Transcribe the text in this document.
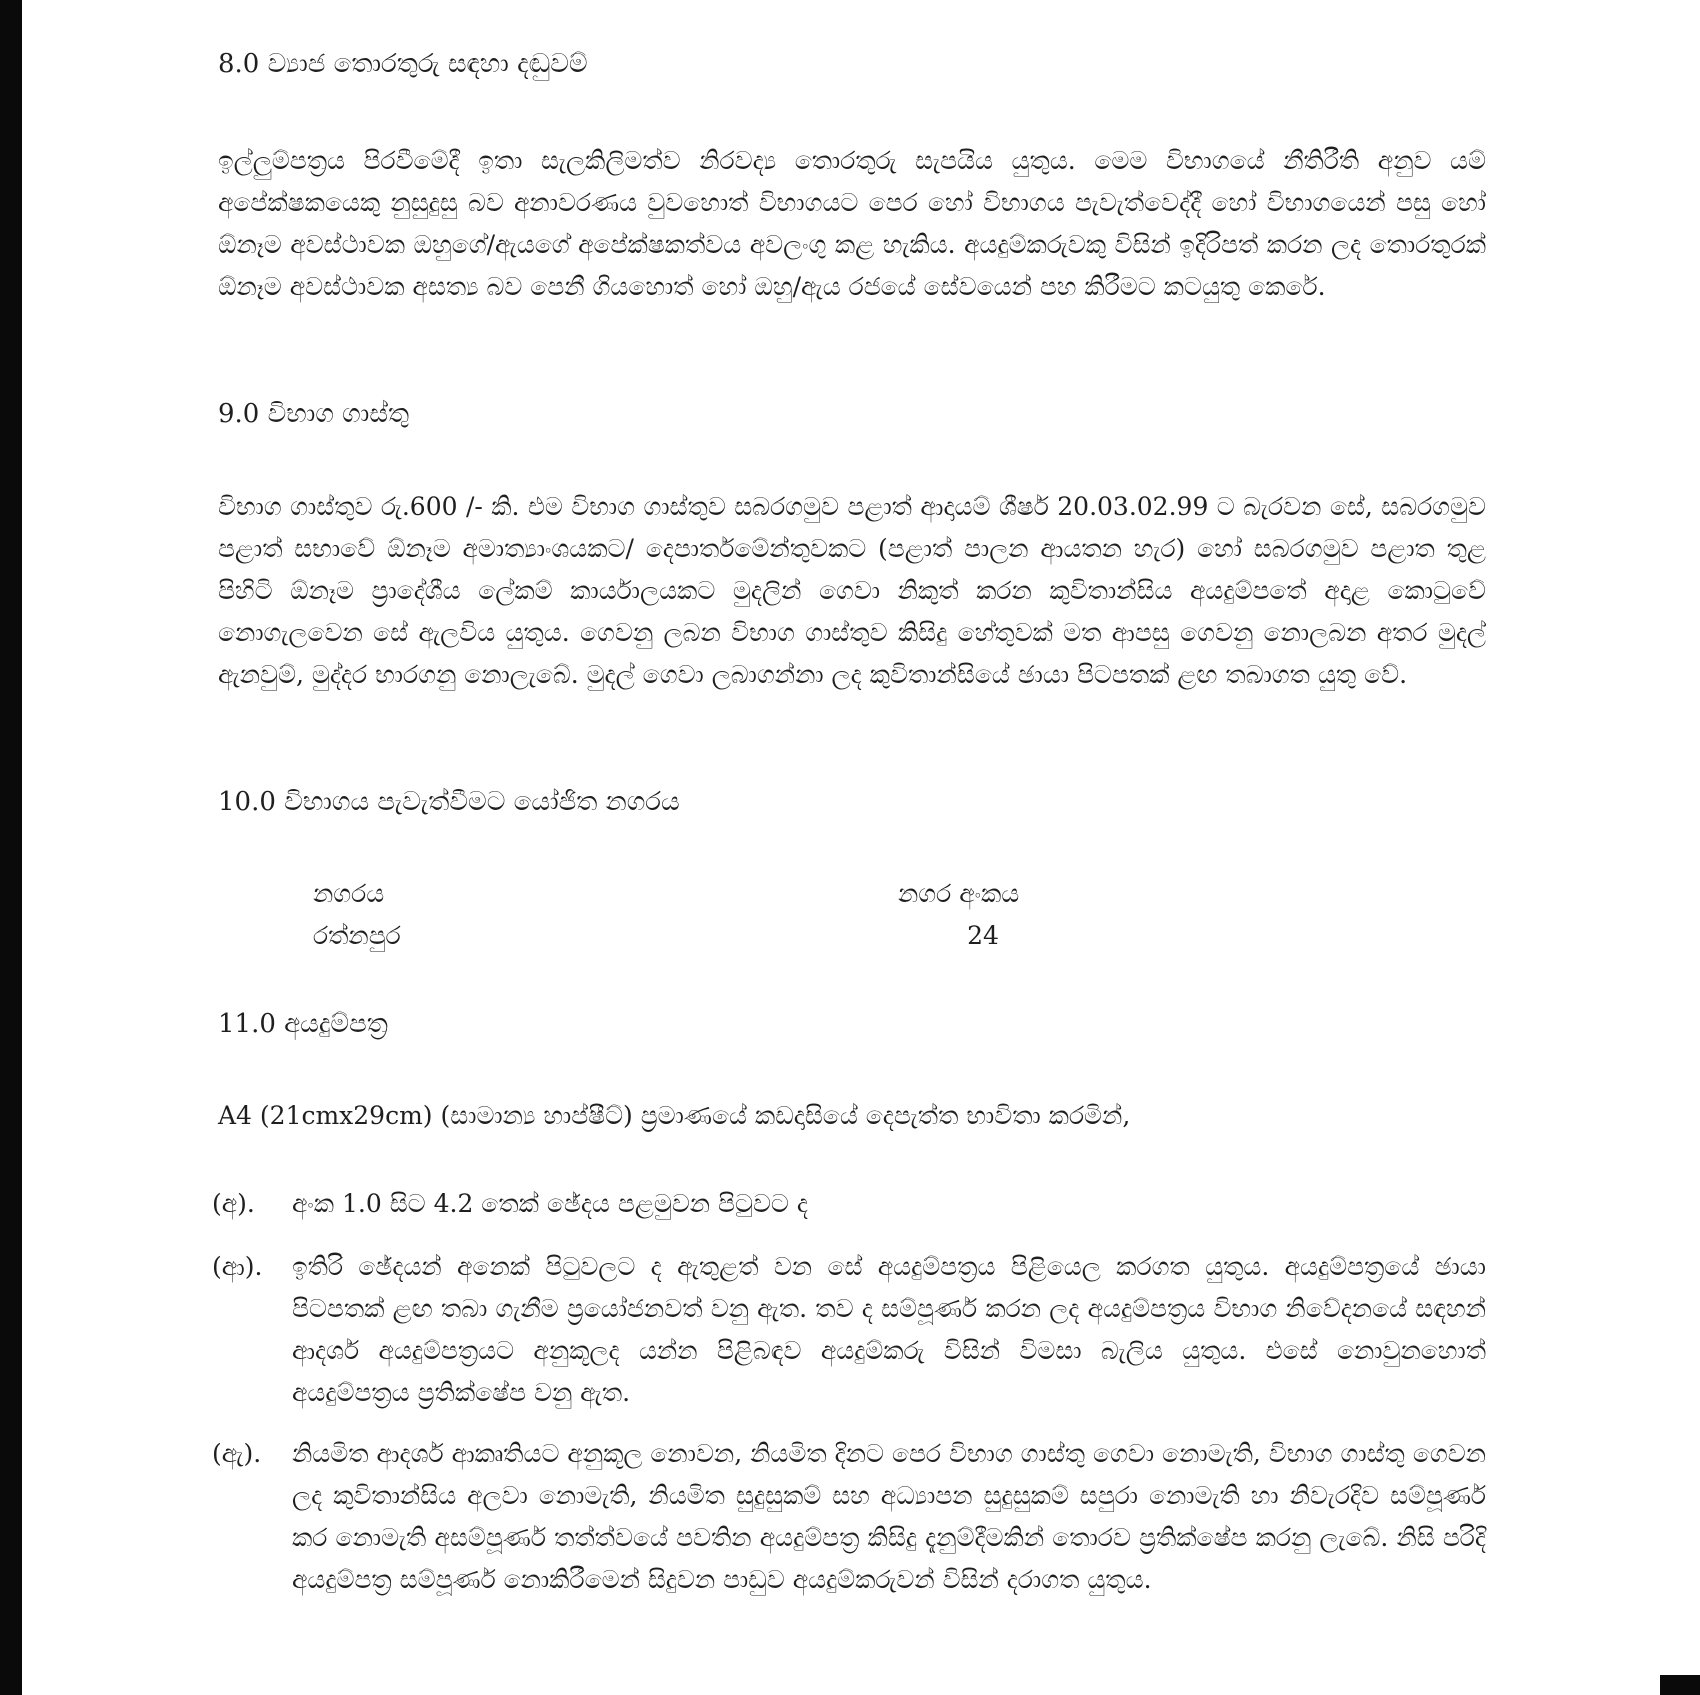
8.0 ව්‍යාජ තොරතුරු සඳහා දඬුවම්
ඉල්ලුම්පත්‍රය පිරවීමේදී ඉතා සැලකිලිමත්ව නිරවද්‍ය තොරතුරු සැපයිය යුතුය. මෙම විභාගයේ නීතිරීති අනුව යම් අපේක්ෂකයෙකු නුසුදුසු බව අනාවරණය වුවහොත් විභාගයට පෙර හෝ විභාගය පැවැත්වෙද්දී හෝ විභාගයෙන් පසු හෝ ඕනෑම අවස්ථාවක ඔහුගේ/ඇයගේ අපේක්ෂකත්වය අවලංගු කළ හැකිය. අයදුම්කරුවකු විසින් ඉදිරිපත් කරන ලද තොරතුරක් ඕනෑම අවස්ථාවක අසත්‍ය බව පෙනී ගියහොත් හෝ ඔහු/ඇය රජයේ සේවයෙන් පහ කිරීමට කටයුතු කෙරේ.
9.0 විභාග ගාස්තු
විභාග ගාස්තුව රු.600 /- කි. එම විභාග ගාස්තුව සබරගමුව පළාත් ආදායම් ශීර්ෂ 20.03.02.99 ට බැරවන සේ, සබරගමුව පළාත් සභාවේ ඕනෑම අමාත්‍යාංශයකට/ දෙපාර්තමේන්තුවකට (පළාත් පාලන ආයතන හැර) හෝ සබරගමුව පළාත තුළ පිහිටි ඕනෑම ප්‍රාදේශීය ලේකම් කාර්යාලයකට මුදලින් ගෙවා නිකුත් කරන කුවිතාන්සිය අයදුම්පතේ අදාළ කොටුවේ නොගැලවෙන සේ ඇලවිය යුතුය. ගෙවනු ලබන විභාග ගාස්තුව කිසිදු හේතුවක් මත ආපසු ගෙවනු නොලබන අතර මුදල් ඇනවුම්, මුද්දර භාරගනු නොලැබේ. මුදල් ගෙවා ලබාගන්නා ලද කුවිතාන්සියේ ඡායා පිටපතක් ළඟ තබාගත යුතු වේ.
10.0 විභාගය පැවැත්වීමට යෝජිත නගරය
නගරය	නගර අංකය
රත්නපුර	24
11.0 අයදුම්පත්‍ර
A4 (21cmx29cm) (සාමාන්‍ය හාප්ෂීට්) ප්‍රමාණයේ කඩදාසියේ දෙපැත්ත භාවිතා කරමින්,
(අ). අංක 1.0 සිට 4.2 තෙක් ඡේදය පළමුවන පිටුවට ද
(ආ). ඉතිරි ඡේදයන් අනෙක් පිටුවලට ද ඇතුළත් වන සේ අයදුම්පත්‍රය පිළියෙල කරගත යුතුය. අයදුම්පත්‍රයේ ඡායා පිටපතක් ළඟ තබා ගැනීම ප්‍රයෝජනවත් වනු ඇත. තව ද සම්පූර්ණ කරන ලද අයදුම්පත්‍රය විභාග නිවේදනයේ සඳහන් ආදර්ශ අයදුම්පත්‍රයට අනුකූලද යන්න පිළිබඳව අයදුම්කරු විසින් විමසා බැලිය යුතුය. එසේ නොවුනහොත් අයදුම්පත්‍රය ප්‍රතික්ෂේප වනු ඇත.
(ඇ). නියමිත ආදර්ශ ආකෘතියට අනුකූල නොවන, නියමිත දිනට පෙර විභාග ගාස්තු ගෙවා නොමැති, විභාග ගාස්තු ගෙවන ලද කුවිතාන්සිය අලවා නොමැති, නියමිත සුදුසුකම් සහ අධ්‍යාපන සුදුසුකම් සපුරා නොමැති හා නිවැරදිව සම්පූර්ණ කර නොමැති අසම්පූර්ණ තත්ත්වයේ පවතින අයදුම්පත්‍ර කිසිදු දැනුම්දීමකින් තොරව ප්‍රතික්ෂේප කරනු ලැබේ. නිසි පරිදි අයදුම්පත්‍ර සම්පූර්ණ නොකිරීමෙන් සිදුවන පාඩුව අයදුම්කරුවන් විසින් දරාගත යුතුය.
